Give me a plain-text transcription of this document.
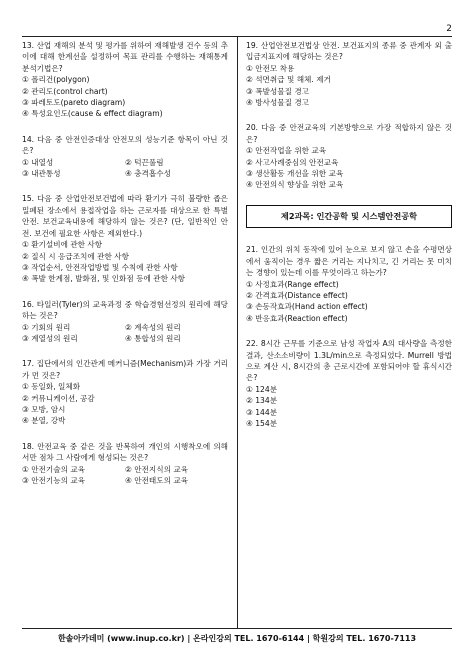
2
13. 산업 재해의 분석 및 평가를 위하여 재해발생 건수 등의 추이에 대해 한계선을 설정하여 목표 관리를 수행하는 재해통계 분석기법은?
① 폴리건(polygon)
② 관리도(control chart)
③ 파레토도(pareto diagram)
④ 특성요인도(cause & effect diagram)
14. 다음 중 안전인증대상 안전모의 성능기준 항목이 아닌 것은?
① 내열성	② 턱끈풀림
③ 내관통성	④ 충격흡수성
15. 다음 중 산업안전보건법에 따라 환기가 극히 불량한 좁은 밀폐된 장소에서 용접작업을 하는 근로자를 대상으로 한 특별안전. 보건교육내용에 해당하지 않는 것은? (단, 일반적인 안전. 보건에 필요한 사항은 제외한다.)
① 환기설비에 관한 사항
② 질식 시 응급조치에 관한 사항
③ 작업순서, 안전작업방법 및 수칙에 관한 사항
④ 폭발 한계점, 발화점, 및 인화점 등에 관한 사항
16. 타일러(Tyler)의 교육과정 중 학습경험선정의 원리에 해당하는 것은?
① 기회의 원리	② 계속성의 원리
③ 계열성의 원리	④ 통합성의 원리
17. 집단에서의 인간관계 메커니즘(Mechanism)과 가장 거리가 먼 것은?
① 동일화, 일체화
② 커뮤니케이션, 공감
③ 모방, 암시
④ 분열, 강박
18. 안전교육 중 같은 것을 반복하여 개인의 시행착오에 의해서만 점차 그 사람에게 형성되는 것은?
① 안전기술의 교육	② 안전지식의 교육
③ 안전기능의 교육	④ 안전태도의 교육
19. 산업안전보건법상 안전. 보건표지의 종류 중 관계자 외 출입금지표지에 해당하는 것은?
① 안전모 착용
② 석면취급 및 해체. 제거
③ 폭발성물질 경고
④ 방사성물질 경고
20. 다음 중 안전교육의 기본방향으로 가장 적합하지 않은 것은?
① 안전작업을 위한 교육
② 사고사례중심의 안전교육
③ 생산활동 개선을 위한 교육
④ 안전의식 향상을 위한 교육
제2과목: 인간공학 및 시스템안전공학
21. 인간의 위치 동작에 있어 눈으로 보지 않고 손을 수평면상에서 움직이는 경우 짧은 거리는 지나치고, 긴 거리는 못 미치는 경향이 있는데 이를 무엇이라고 하는가?
① 사정효과(Range effect)
② 간격효과(Distance effect)
③ 손동작효과(Hand action effect)
④ 반응효과(Reaction effect)
22. 8시간 근무를 기준으로 남성 작업자 A의 대사량을 측정한 결과, 산소소비량이 1.3L/min으로 측정되었다. Murrell 방법으로 계산 시, 8시간의 총 근로시간에 포함되어야 할 휴식시간은?
① 124분
② 134분
③ 144분
④ 154분
한솔아카데미 (www.inup.co.kr) | 온라인강의 TEL. 1670-6144 | 학원강의 TEL. 1670-7113
